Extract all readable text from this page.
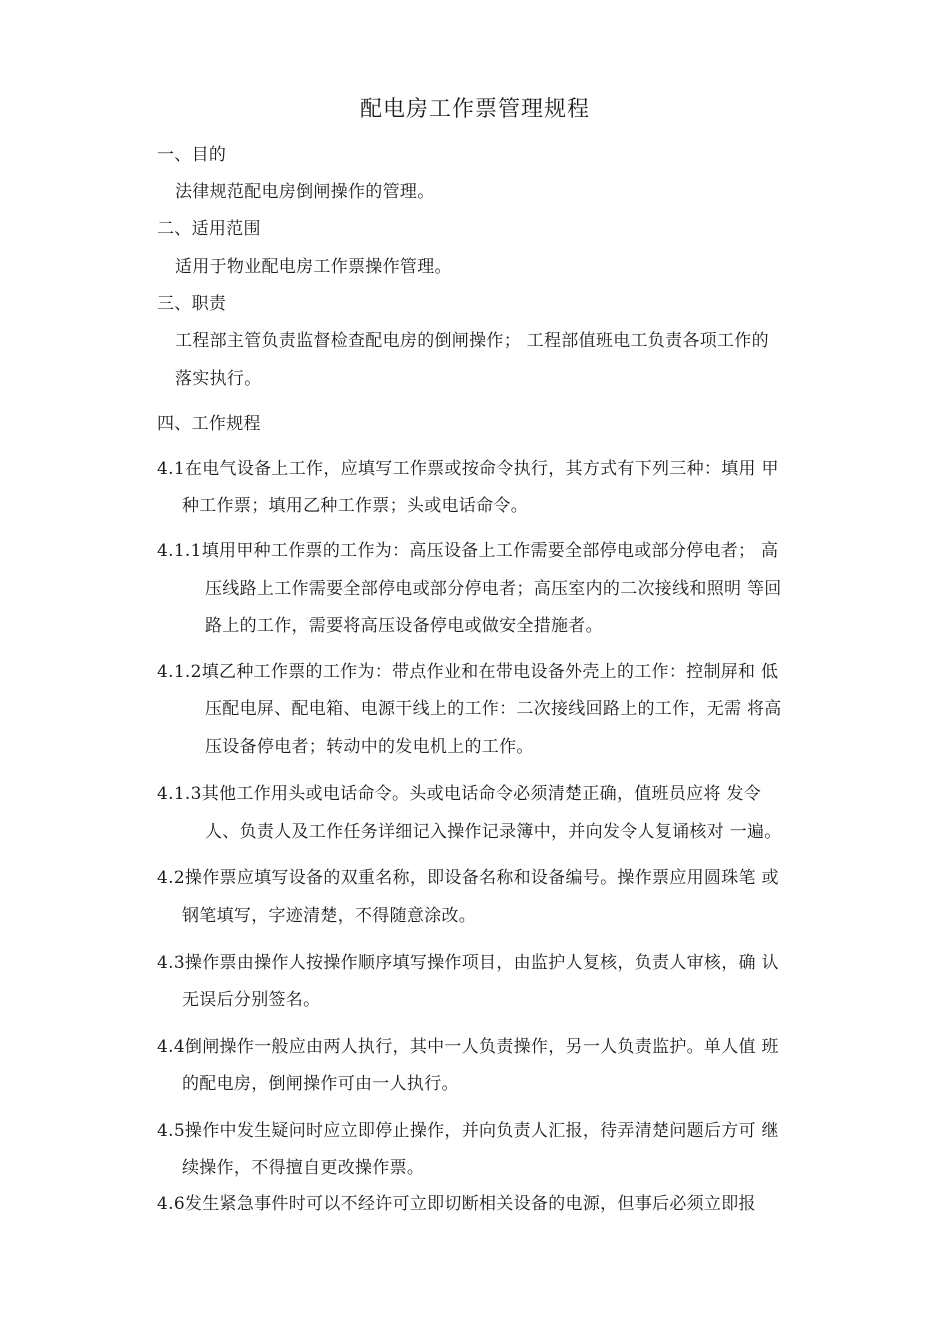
配电房工作票管理规程
一、目的
法律规范配电房倒闸操作的管理。
二、适用范围
适用于物业配电房工作票操作管理。
三、职责
工程部主管负责监督检查配电房的倒闸操作； 工程部值班电工负责各项工作的
落实执行。
四、工作规程
4.1在电气设备上工作，应填写工作票或按命令执行，其方式有下列三种：填用 甲
种工作票；填用乙种工作票；头或电话命令。
4.1.1填用甲种工作票的工作为：高压设备上工作需要全部停电或部分停电者； 高
压线路上工作需要全部停电或部分停电者；高压室内的二次接线和照明 等回
路上的工作，需要将高压设备停电或做安全措施者。
4.1.2填乙种工作票的工作为：带点作业和在带电设备外壳上的工作：控制屏和 低
压配电屏、配电箱、电源干线上的工作：二次接线回路上的工作，无需 将高
压设备停电者；转动中的发电机上的工作。
4.1.3其他工作用头或电话命令。头或电话命令必须清楚正确，值班员应将 发令
人、负责人及工作任务详细记入操作记录簿中，并向发令人复诵核对 一遍。
4.2操作票应填写设备的双重名称，即设备名称和设备编号。操作票应用圆珠笔 或
钢笔填写，字迹清楚，不得随意涂改。
4.3操作票由操作人按操作顺序填写操作项目，由监护人复核，负责人审核，确 认
无误后分别签名。
4.4倒闸操作一般应由两人执行，其中一人负责操作，另一人负责监护。单人值 班
的配电房，倒闸操作可由一人执行。
4.5操作中发生疑问时应立即停止操作，并向负责人汇报，待弄清楚问题后方可 继
续操作，不得擅自更改操作票。
4.6发生紧急事件时可以不经许可立即切断相关设备的电源，但事后必须立即报
